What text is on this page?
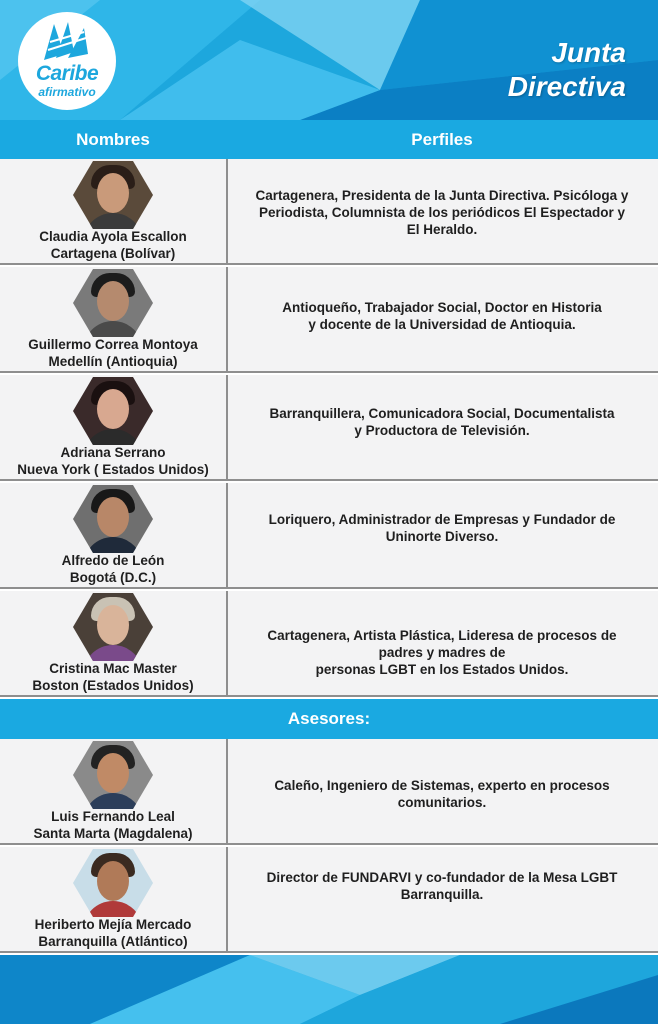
Caribe
afirmativo
Junta
Directiva
Nombres	Perfiles
Claudia Ayola Escallon
Cartagena (Bolívar)
Cartagenera, Presidenta de la Junta Directiva. Psicóloga y
Periodista, Columnista de los periódicos El Espectador y
El Heraldo.
Guillermo Correa Montoya
Medellín (Antioquia)
Antioqueño, Trabajador Social, Doctor en Historia
y docente de la Universidad de Antioquia.
Adriana Serrano
Nueva York ( Estados Unidos)
Barranquillera, Comunicadora Social, Documentalista
y Productora de Televisión.
Alfredo de León
Bogotá (D.C.)
Loriquero, Administrador de Empresas y Fundador de
Uninorte Diverso.
Cristina Mac Master
Boston (Estados Unidos)
Cartagenera, Artista Plástica, Lideresa de procesos de
padres y madres de
personas LGBT en los Estados Unidos.
Asesores:
Luis Fernando Leal
Santa Marta (Magdalena)
Caleño, Ingeniero de Sistemas, experto en procesos
comunitarios.
Heriberto Mejía Mercado
Barranquilla (Atlántico)
Director de FUNDARVI y co-fundador de la Mesa LGBT
Barranquilla.
